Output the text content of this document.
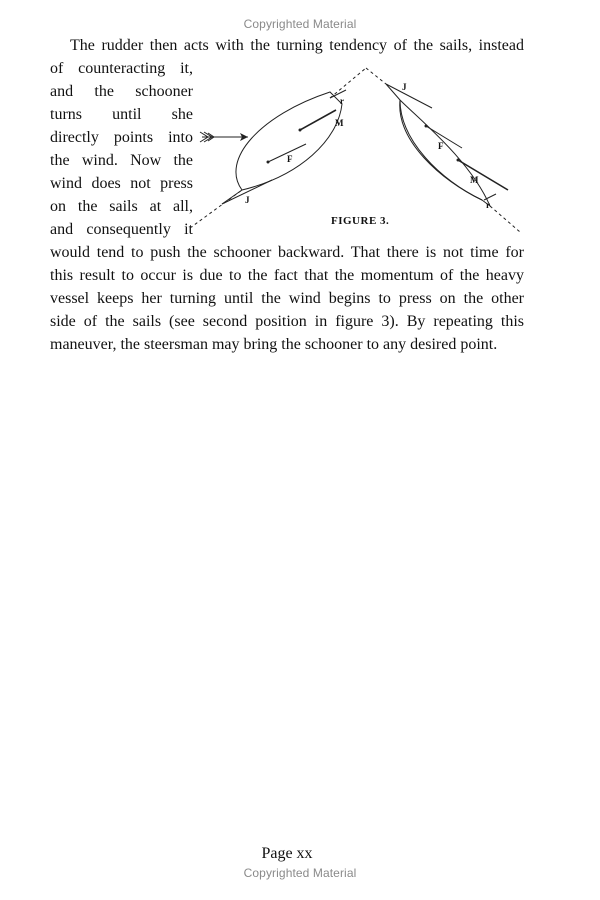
Copyrighted Material
The rudder then acts with the turning tendency of the sails, instead
of counteracting it,
and the schooner
turns until she
directly points into
the wind. Now the
wind does not press
on the sails at all,
and consequently it
would tend to push the schooner backward. That there is not time for
this result to occur is due to the fact that the momentum of the heavy
vessel keeps her turning until the wind begins to press on the other
side of the sails (see second position in figure 3). By repeating this
maneuver, the steersman may bring the schooner to any desired point.
J
M
F
r
J
F
M
r
FIGURE 3.
Page xx
Copyrighted Material
